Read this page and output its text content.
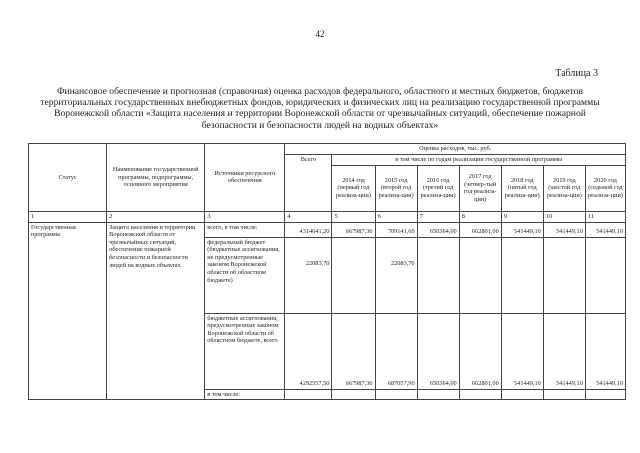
42
Таблица 3
Финансовое обеспечение и прогнозная (справочная) оценка расходов федерального, областного и местных бюджетов, бюджетов территориальных государственных внебюджетных фондов, юридических и физических лиц на реализацию государственной программы Воронежской области «Защита населения и территории Воронежской области от чрезвычайных ситуаций, обеспечение пожарной безопасности и безопасности людей на водных объектах»
Статус	Наименование государственной программы, подпрограммы, основного мероприятия	Источники ресурсного обеспечения	Оценка расходов, тыс. руб.							
			Всего	в том числе по годам реализации государственной программы						
				2014 год (первый год реализа-ции)	2015 год (второй год реализа-ции)	2016 год (третий год реализа-ции)	2017 год (четвер-тый год реализа-ции)	2018 год (пятый год реализа-ции)	2019 год (шестой год реализа-ции)	2020 год (седьмой год реализа-ции)
1	2	3	4	5	6	7	8	9	10	11
Государственная программа	Защита населения и территории Воронежской области от чрезвычайных ситуаций, обеспечение пожарной безопасности и безопасности людей на водных объектах	всего, в том числе:	4314641,20	667987,30	709141,60	650364,00	662801,00	541449,10	541449,10	541449,10
		федеральный бюджет (бюджетные ассигнования, не предусмотренные законом Воронежской области об областном бюджете)	22083,70		22083,70					
		бюджетные ассигнования, предусмотренные законом Воронежской области об областном бюджете, всего	4292557,50	667987,30	687057,90	650364,00	662801,00	541449,10	541449,10	541449,10
		в том числе:								
